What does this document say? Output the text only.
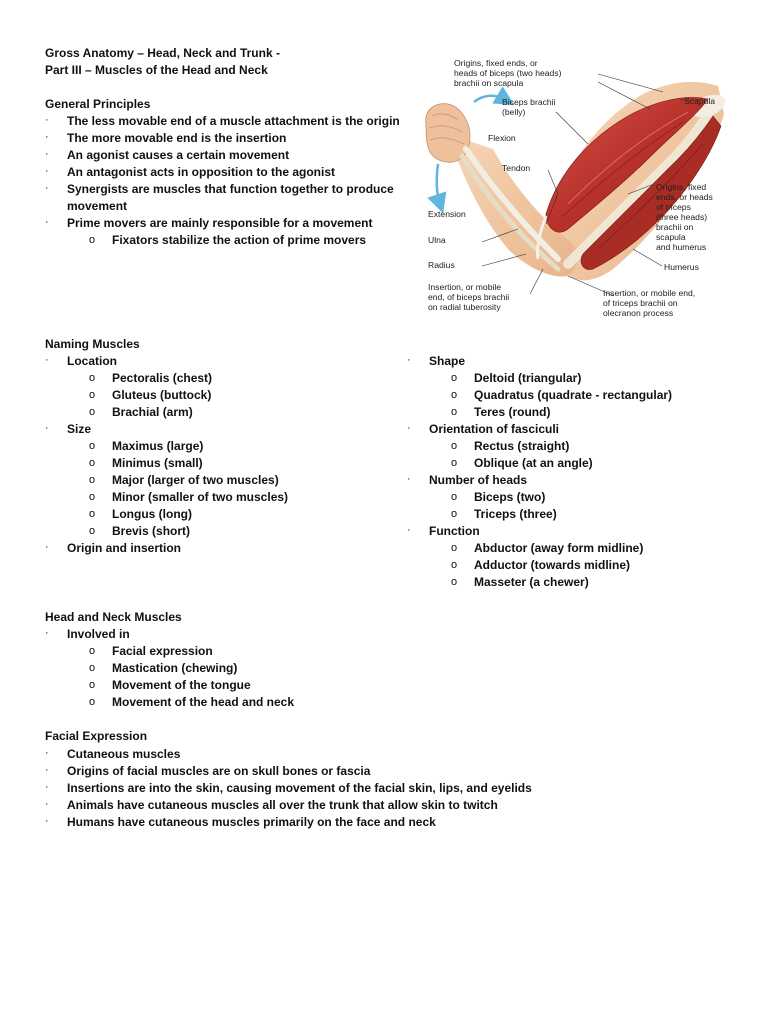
Gross Anatomy – Head, Neck and Trunk -
Part III – Muscles of the Head and Neck
General Principles
· The less movable end of a muscle attachment is the origin
· The more movable end is the insertion
· An agonist causes a certain movement
· An antagonist acts in opposition to the agonist
· Synergists are muscles that function together to produce movement
· Prime movers are mainly responsible for a movement
o Fixators stabilize the action of prime movers
Origins, fixed ends, or heads of biceps (two heads) brachii on scapula
Scapula
Biceps brachii (belly)
Flexion
Tendon
Origins, fixed ends, or heads of triceps (three heads) brachii on scapula and humerus
Extension
Ulna
Radius	Humerus
Insertion, or mobile end, of biceps brachii on radial tuberosity
Insertion, or mobile end, of triceps brachii on olecranon process
Naming Muscles
· Location
o Pectoralis (chest)
o Gluteus (buttock)
o Brachial (arm)
· Size
o Maximus (large)
o Minimus (small)
o Major (larger of two muscles)
o Minor (smaller of two muscles)
o Longus (long)
o Brevis (short)
· Origin and insertion
· Shape
o Deltoid (triangular)
o Quadratus (quadrate - rectangular)
o Teres (round)
· Orientation of fasciculi
o Rectus (straight)
o Oblique (at an angle)
· Number of heads
o Biceps (two)
o Triceps (three)
· Function
o Abductor (away form midline)
o Adductor (towards midline)
o Masseter (a chewer)
Head and Neck Muscles
· Involved in
o Facial expression
o Mastication (chewing)
o Movement of the tongue
o Movement of the head and neck
Facial Expression
· Cutaneous muscles
· Origins of facial muscles are on skull bones or fascia
· Insertions are into the skin, causing movement of the facial skin, lips, and eyelids
· Animals have cutaneous muscles all over the trunk that allow skin to twitch
· Humans have cutaneous muscles primarily on the face and neck
